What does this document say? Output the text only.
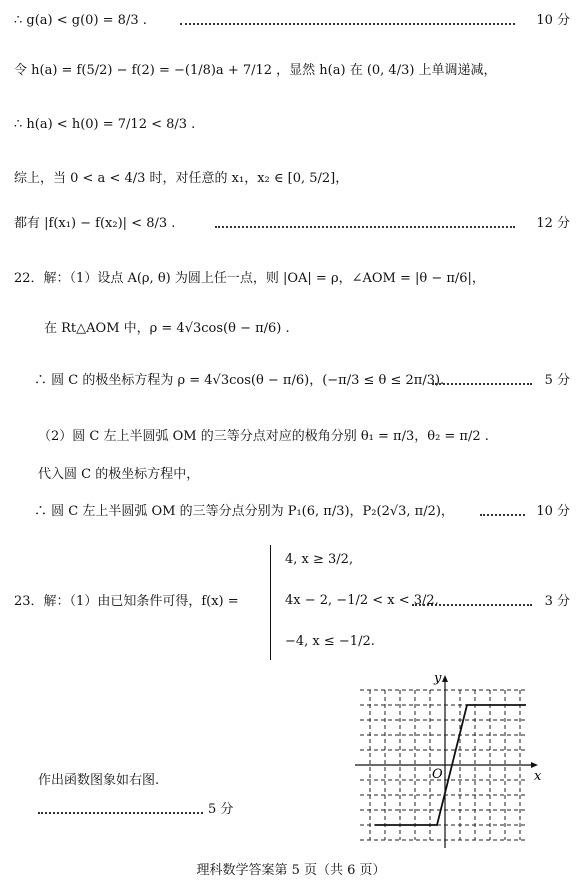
∴ g(a) < g(0) = 8/3 .	10 分
令 h(a) = f(5/2) − f(2) = −(1/8)a + 7/12 ，显然 h(a) 在 (0, 4/3) 上单调递减，
∴ h(a) < h(0) = 7/12 < 8/3 .
综上，当 0 < a < 4/3 时，对任意的 x₁，x₂ ∈ [0, 5/2]，
都有 |f(x₁) − f(x₂)| < 8/3 .	12 分
22．解：（1）设点 A(ρ, θ) 为圆上任一点，则 |OA| = ρ，∠AOM = |θ − π/6|，
在 Rt△AOM 中，ρ = 4√3cos(θ − π/6) .
∴ 圆 C 的极坐标方程为 ρ = 4√3cos(θ − π/6)，(−π/3 ≤ θ ≤ 2π/3).	5 分
（2）圆 C 左上半圆弧 OM 的三等分点对应的极角分别 θ₁ = π/3，θ₂ = π/2 .
代入圆 C 的极坐标方程中，
∴ 圆 C 左上半圆弧 OM 的三等分点分别为 P₁(6, π/3)，P₂(2√3, π/2)，	10 分
23．解：（1）由已知条件可得，f(x) =
4, x ≥ 3/2,
4x − 2, −1/2 < x < 3/2,
−4, x ≤ −1/2.
3 分
作出函数图象如右图.
5 分
x
y
O
理科数学答案第 5 页（共 6 页）
